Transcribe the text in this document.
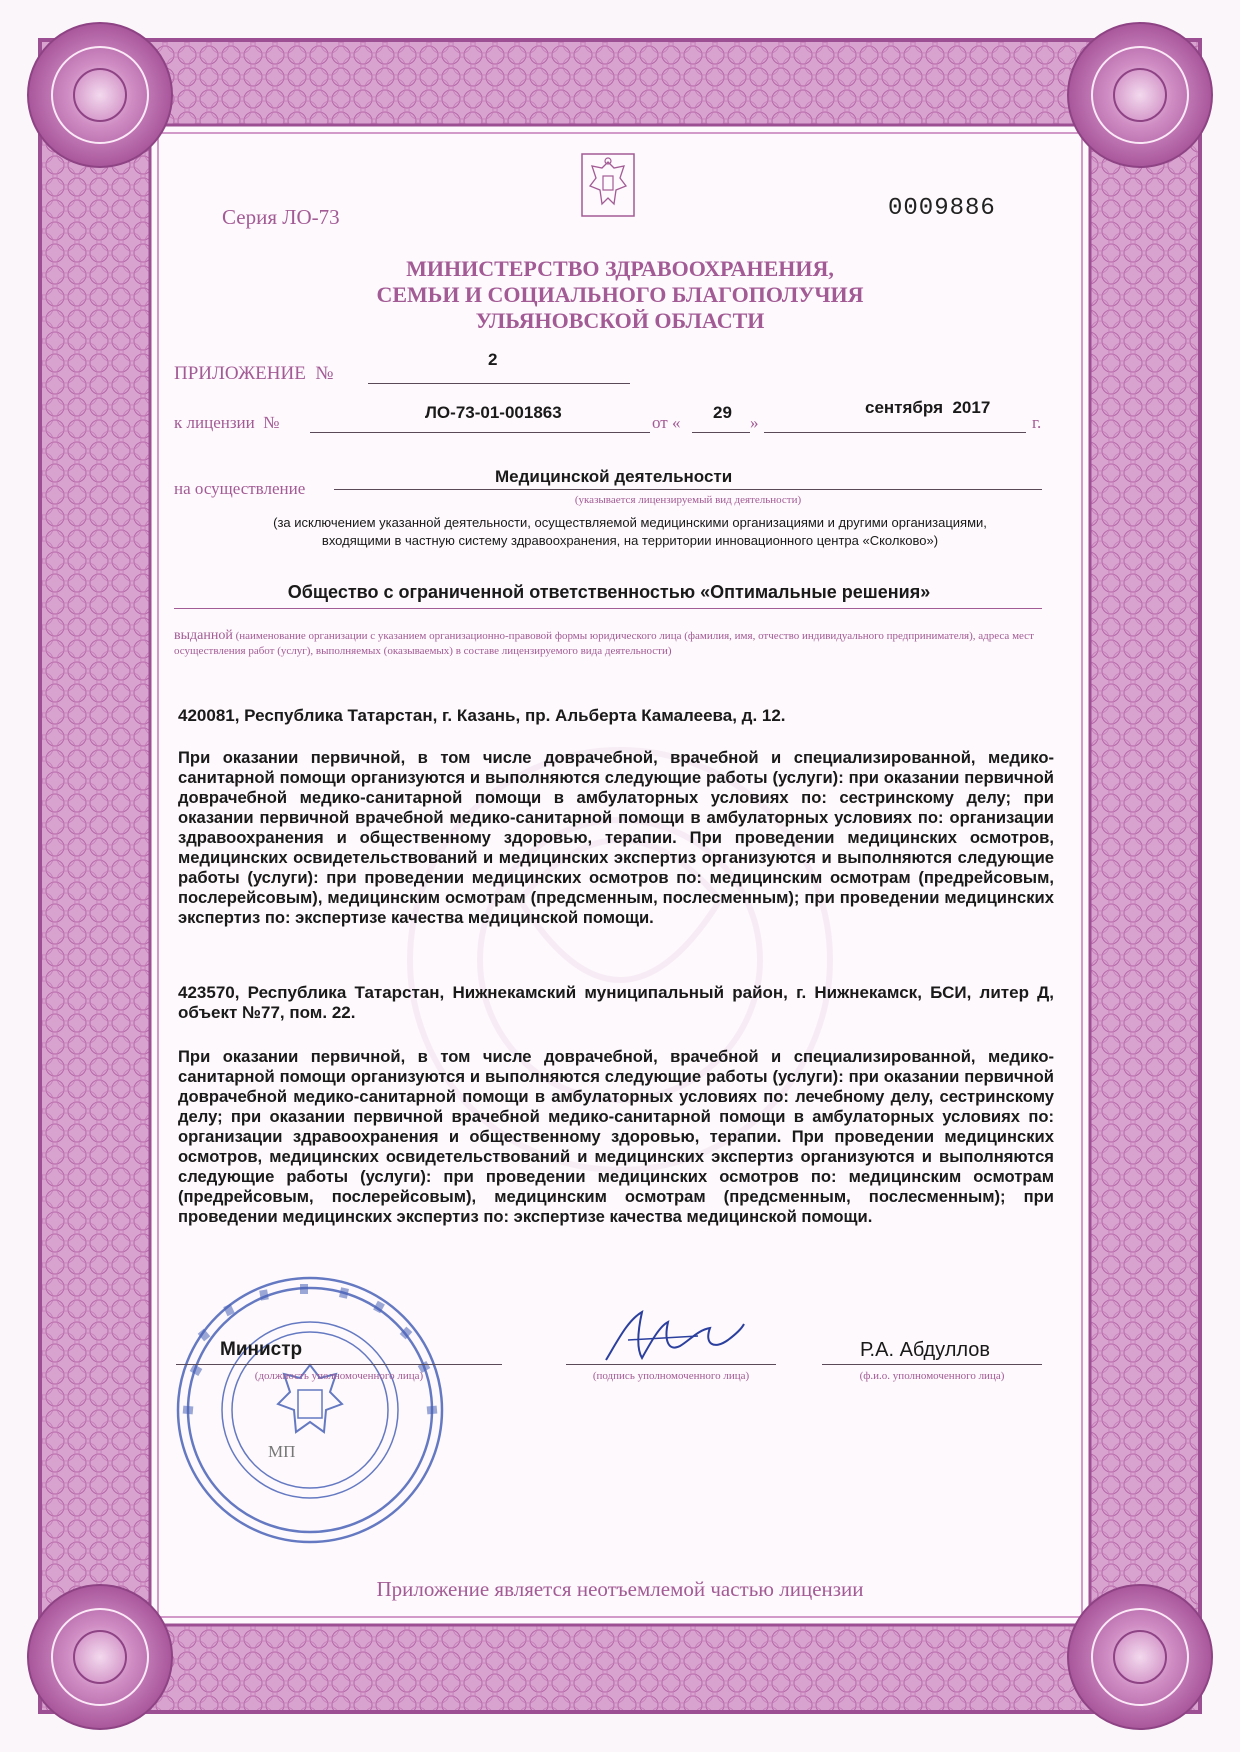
Серия ЛО-73	0009886
МИНИСТЕРСТВО ЗДРАВООХРАНЕНИЯ,
СЕМЬИ И СОЦИАЛЬНОГО БЛАГОПОЛУЧИЯ
УЛЬЯНОВСКОЙ ОБЛАСТИ
ПРИЛОЖЕНИЕ №
2
к лицензии №
ЛО-73-01-001863
от «
29
»
сентября  2017
г.
на осуществление
Медицинской деятельности
(указывается лицензируемый вид деятельности)
(за исключением указанной деятельности, осуществляемой медицинскими организациями и другими организациями,
входящими в частную систему здравоохранения, на территории инновационного центра «Сколково»)
Общество с ограниченной ответственностью «Оптимальные решения»
выданной (наименование организации с указанием организационно-правовой формы юридического лица (фамилия, имя, отчество индивидуального предпринимателя), адреса мест осуществления работ (услуг), выполняемых (оказываемых) в составе лицензируемого вида деятельности)
420081, Республика Татарстан, г. Казань, пр. Альберта Камалеева, д. 12.
При оказании первичной, в том числе доврачебной, врачебной и специализированной, медико-санитарной помощи организуются и выполняются следующие работы (услуги): при оказании первичной доврачебной медико-санитарной помощи в амбулаторных условиях по: сестринскому делу; при оказании первичной врачебной медико-санитарной помощи в амбулаторных условиях по: организации здравоохранения и общественному здоровью, терапии. При проведении медицинских осмотров, медицинских освидетельствований и медицинских экспертиз организуются и выполняются следующие работы (услуги): при проведении медицинских осмотров по: медицинским осмотрам (предрейсовым, послерейсовым), медицинским осмотрам (предсменным, послесменным); при проведении медицинских экспертиз по: экспертизе качества медицинской помощи.
423570, Республика Татарстан, Нижнекамский муниципальный район, г. Нижнекамск, БСИ, литер Д, объект №77, пом. 22.
При оказании первичной, в том числе доврачебной, врачебной и специализированной, медико-санитарной помощи организуются и выполняются следующие работы (услуги): при оказании первичной доврачебной медико-санитарной помощи в амбулаторных условиях по: лечебному делу, сестринскому делу; при оказании первичной врачебной медико-санитарной помощи в амбулаторных условиях по: организации здравоохранения и общественному здоровью, терапии. При проведении медицинских осмотров, медицинских освидетельствований и медицинских экспертиз организуются и выполняются следующие работы (услуги): при проведении медицинских осмотров по: медицинским осмотрам (предрейсовым, послерейсовым), медицинским осмотрам (предсменным, послесменным); при проведении медицинских экспертиз по: экспертизе качества медицинской помощи.
Министр
(должность уполномоченного лица)	(подпись уполномоченного лица)
Р.А. Абдуллов
(ф.и.о. уполномоченного лица)
МП
Приложение является неотъемлемой частью лицензии
